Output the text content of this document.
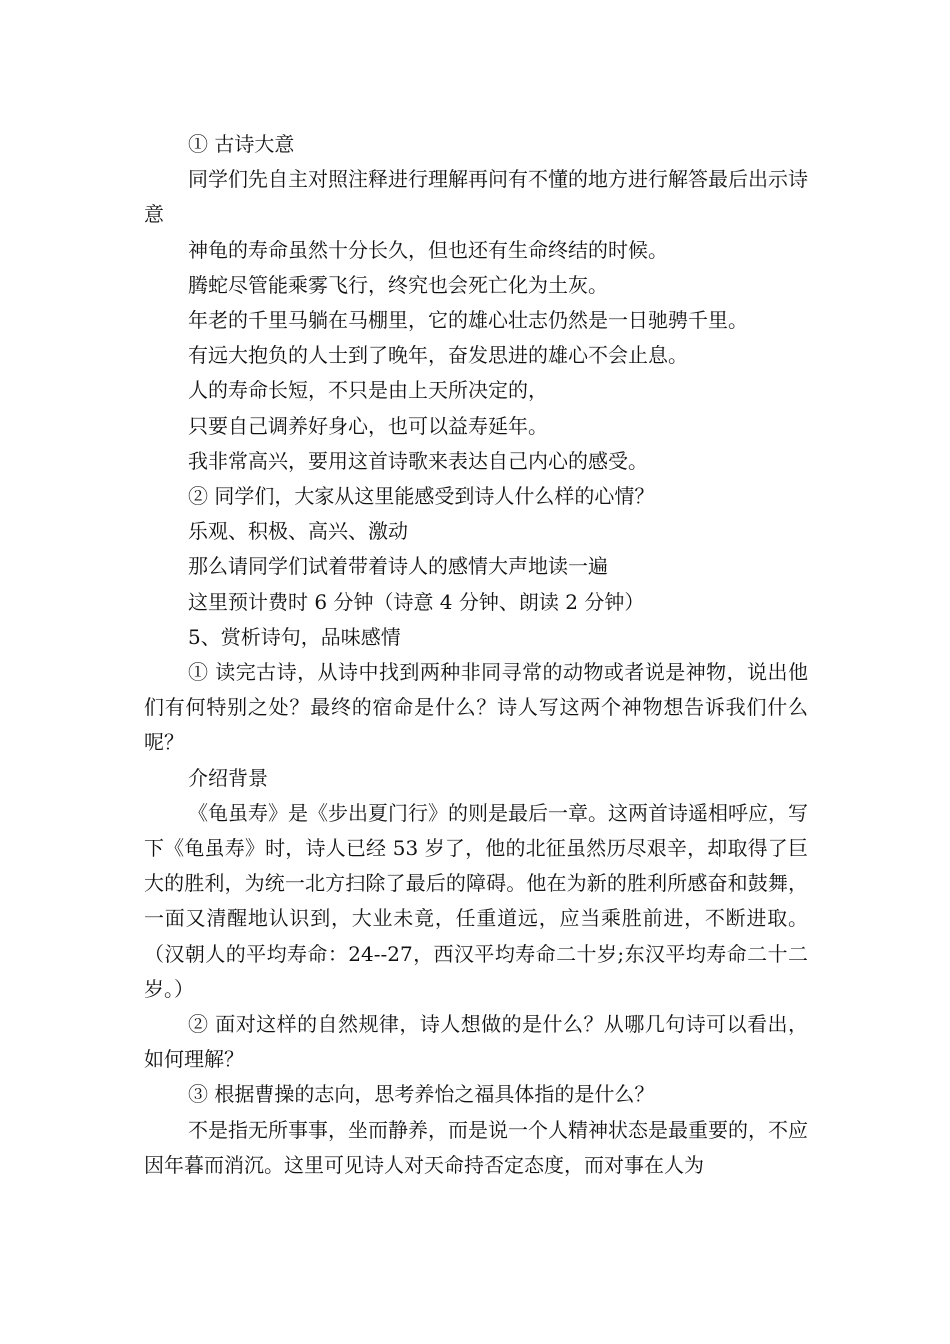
① 古诗大意

同学们先自主对照注释进行理解再问有不懂的地方进行解答最后出示诗意

神龟的寿命虽然十分长久，但也还有生命终结的时候。

腾蛇尽管能乘雾飞行，终究也会死亡化为土灰。

年老的千里马躺在马棚里，它的雄心壮志仍然是一日驰骋千里。

有远大抱负的人士到了晚年，奋发思进的雄心不会止息。

人的寿命长短，不只是由上天所决定的，

只要自己调养好身心，也可以益寿延年。

我非常高兴，要用这首诗歌来表达自己内心的感受。

② 同学们，大家从这里能感受到诗人什么样的心情？

乐观、积极、高兴、激动

那么请同学们试着带着诗人的感情大声地读一遍

这里预计费时 6 分钟（诗意 4 分钟、朗读 2 分钟）

5、赏析诗句，品味感情

① 读完古诗，从诗中找到两种非同寻常的动物或者说是神物，说出他们有何特别之处？最终的宿命是什么？诗人写这两个神物想告诉我们什么呢？

介绍背景

《龟虽寿》是《步出夏门行》的则是最后一章。这两首诗遥相呼应，写下《龟虽寿》时，诗人已经 53 岁了，他的北征虽然历尽艰辛，却取得了巨大的胜利，为统一北方扫除了最后的障碍。他在为新的胜利所感奋和鼓舞，一面又清醒地认识到，大业未竟，任重道远，应当乘胜前进，不断进取。（汉朝人的平均寿命：24--27，西汉平均寿命二十岁;东汉平均寿命二十二岁。）

② 面对这样的自然规律，诗人想做的是什么？从哪几句诗可以看出，如何理解？

③ 根据曹操的志向，思考养怡之福具体指的是什么？

不是指无所事事，坐而静养，而是说一个人精神状态是最重要的，不应因年暮而消沉。这里可见诗人对天命持否定态度，而对事在人为
